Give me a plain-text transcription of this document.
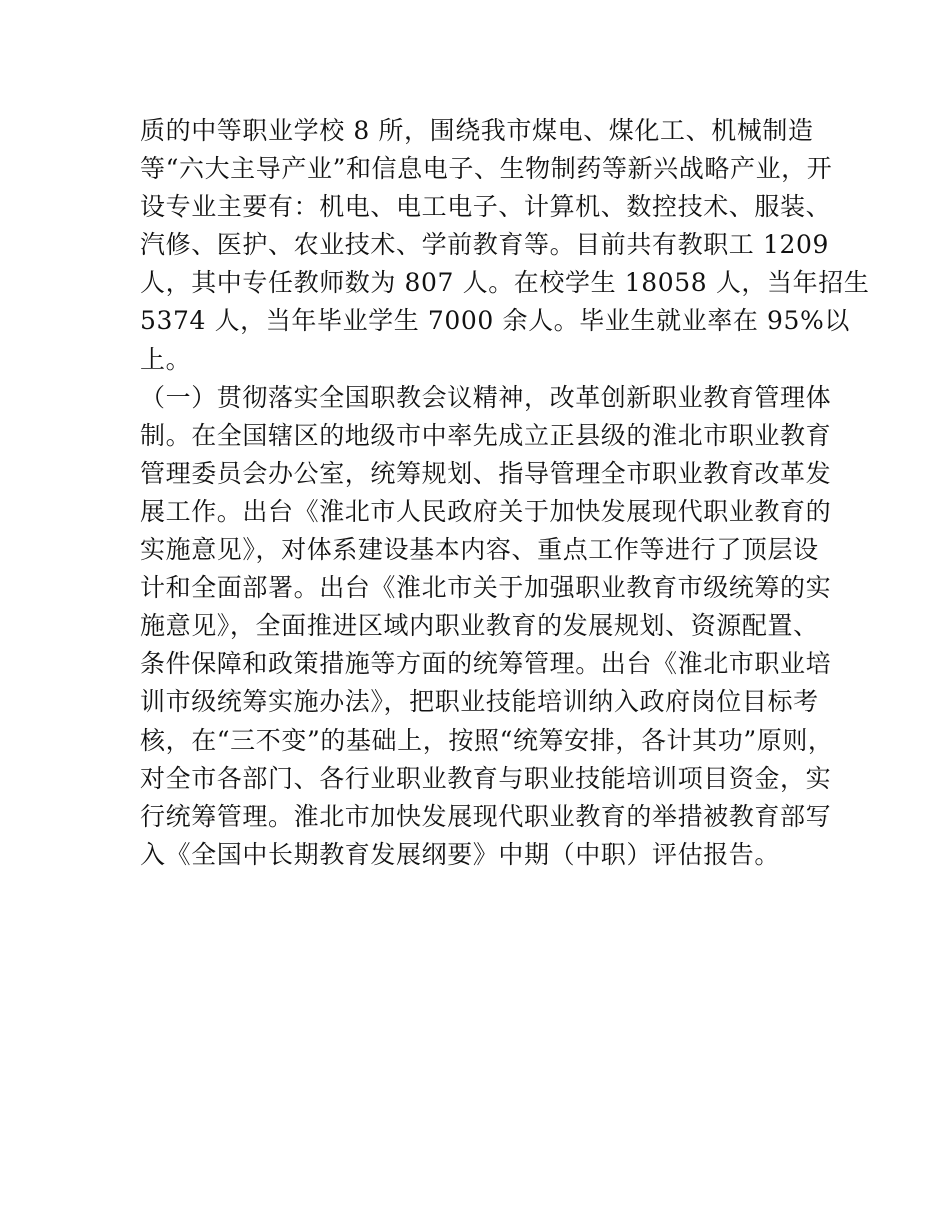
质的中等职业学校 8 所，围绕我市煤电、煤化工、机械制造
等“六大主导产业”和信息电子、生物制药等新兴战略产业，开
设专业主要有：机电、电工电子、计算机、数控技术、服装、
汽修、医护、农业技术、学前教育等。目前共有教职工 1209
人，其中专任教师数为 807 人。在校学生 18058 人，当年招生
5374 人，当年毕业学生 7000 余人。毕业生就业率在 95%以
上。
（一）贯彻落实全国职教会议精神，改革创新职业教育管理体
制。在全国辖区的地级市中率先成立正县级的淮北市职业教育
管理委员会办公室，统筹规划、指导管理全市职业教育改革发
展工作。出台《淮北市人民政府关于加快发展现代职业教育的
实施意见》，对体系建设基本内容、重点工作等进行了顶层设
计和全面部署。出台《淮北市关于加强职业教育市级统筹的实
施意见》，全面推进区域内职业教育的发展规划、资源配置、
条件保障和政策措施等方面的统筹管理。出台《淮北市职业培
训市级统筹实施办法》，把职业技能培训纳入政府岗位目标考
核，在“三不变”的基础上，按照“统筹安排，各计其功”原则，
对全市各部门、各行业职业教育与职业技能培训项目资金，实
行统筹管理。淮北市加快发展现代职业教育的举措被教育部写
入《全国中长期教育发展纲要》中期（中职）评估报告。
